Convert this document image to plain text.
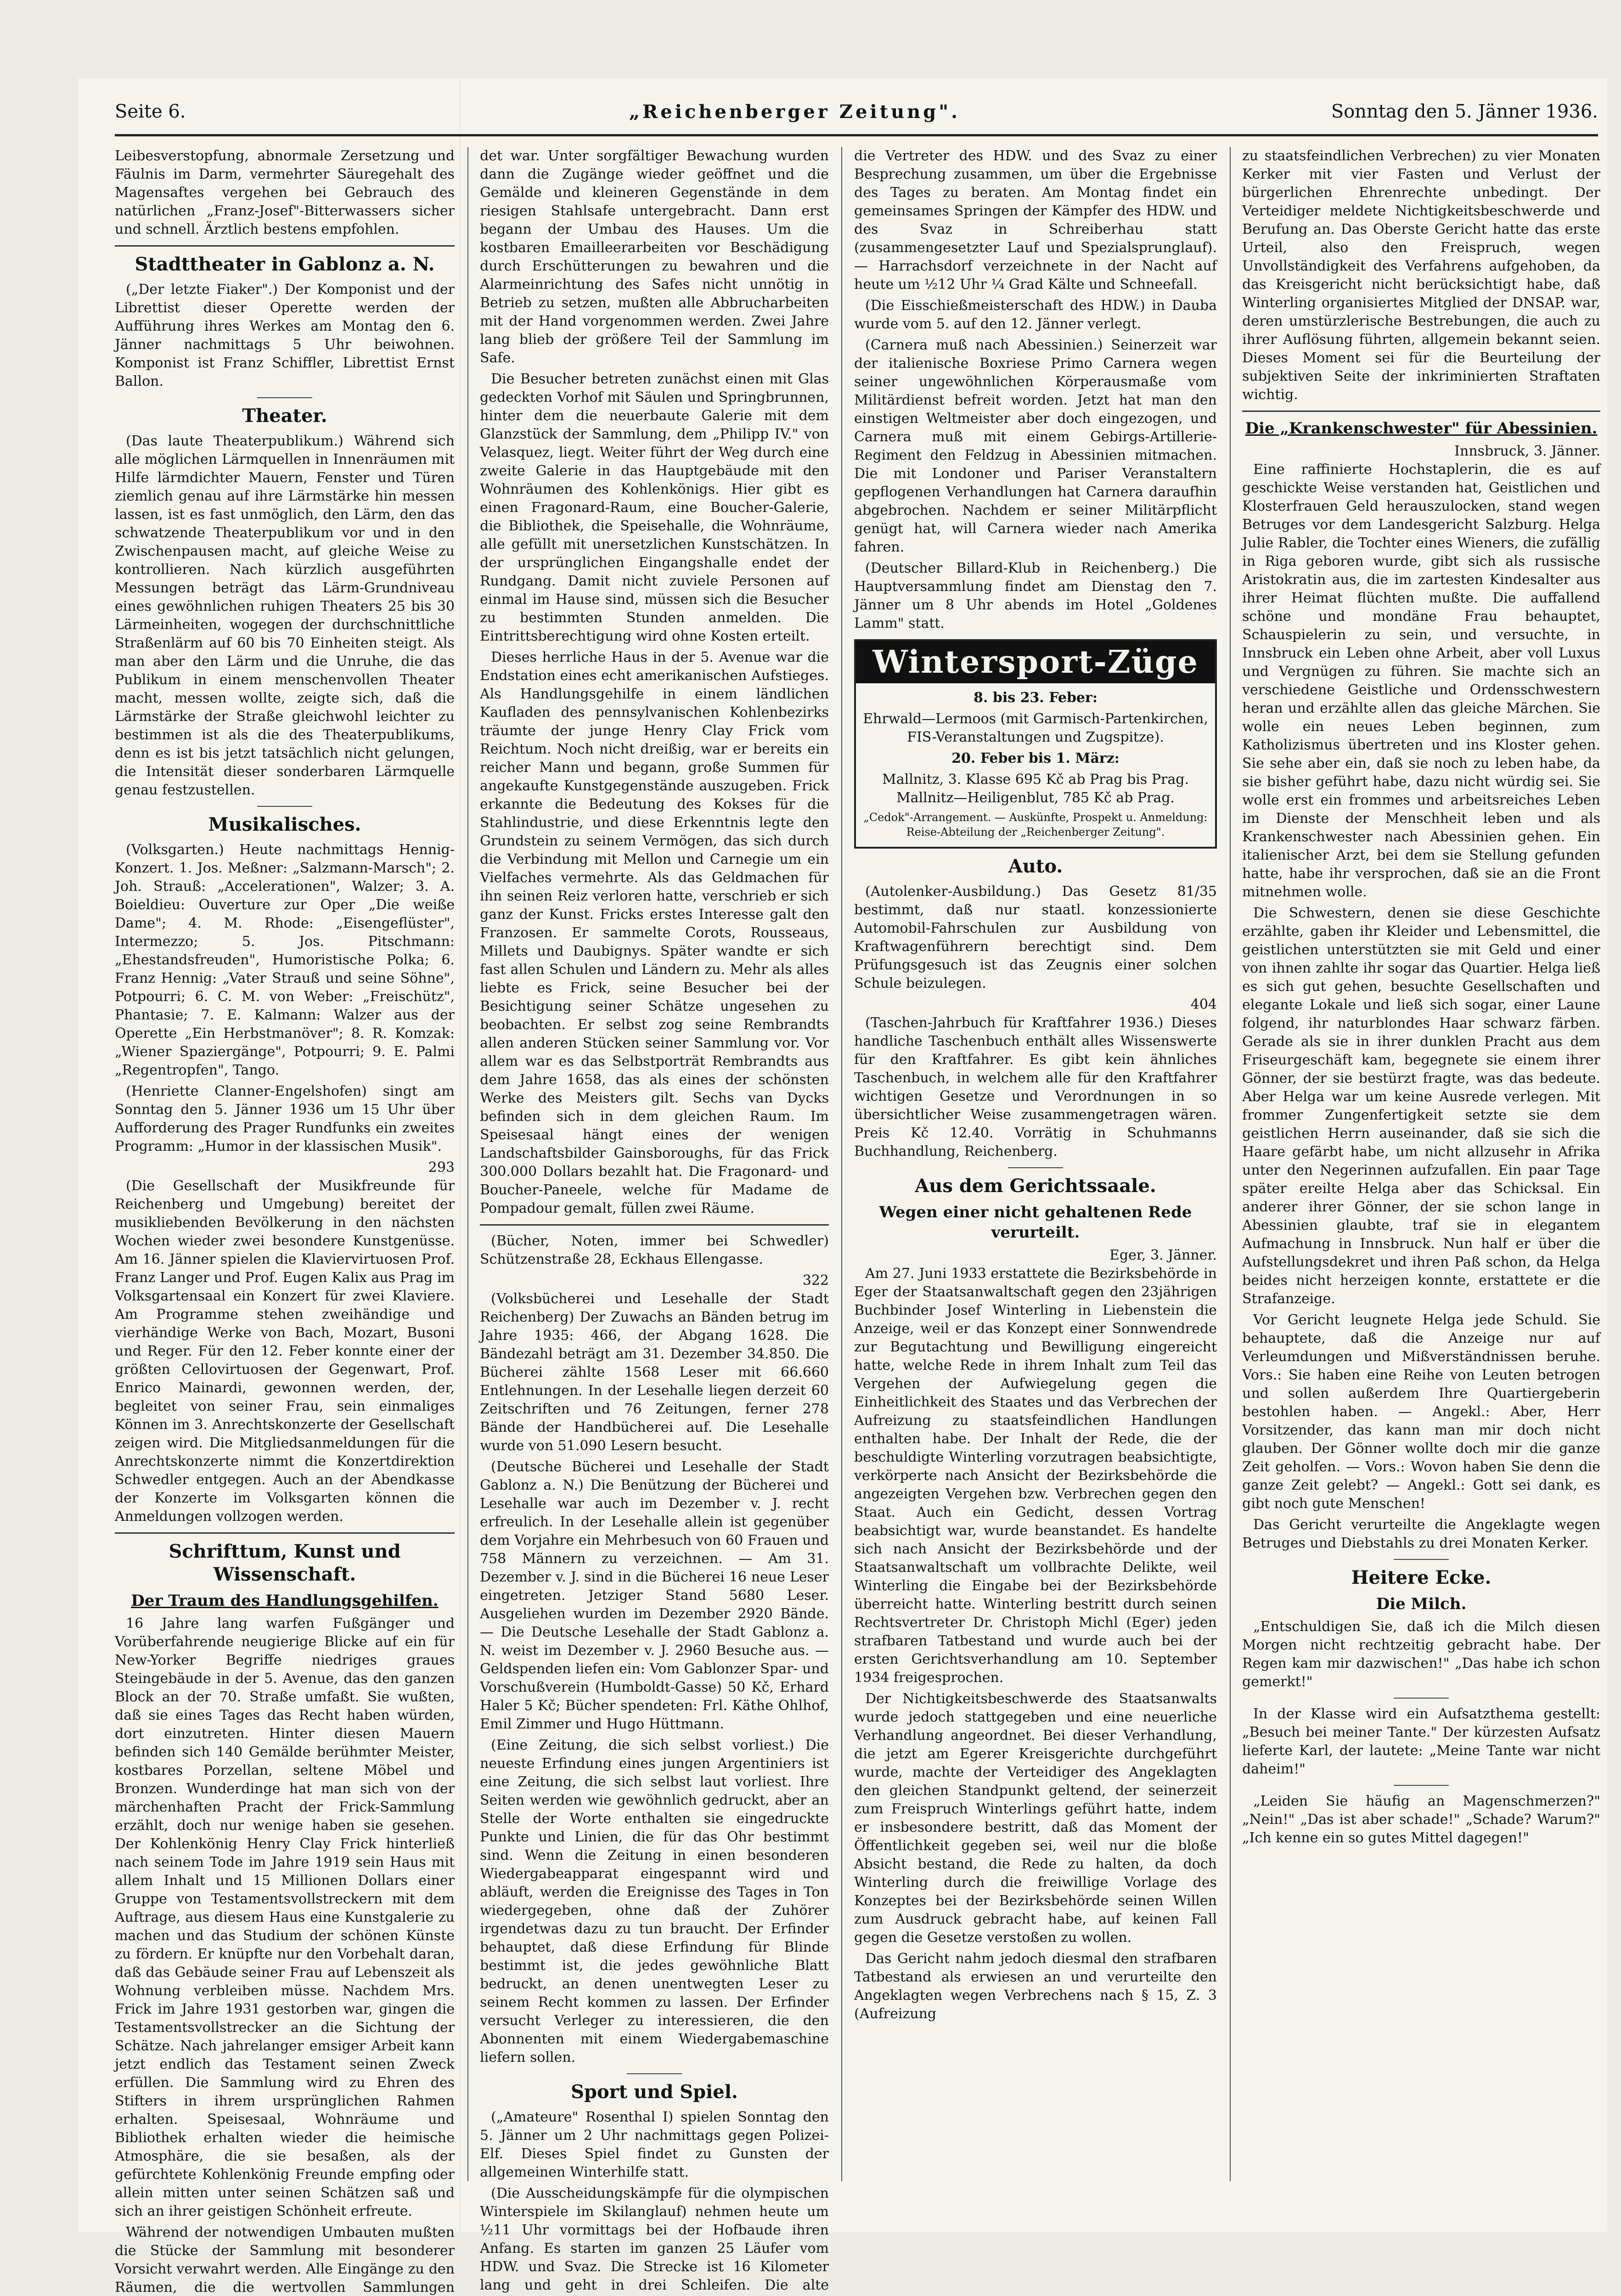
Seite 6.	„Reichenberger Zeitung".	Sonntag den 5. Jänner 1936.

Leibesverstopfung, abnormale Zersetzung und Fäulnis im Darm, vermehrter Säuregehalt des Magensaftes vergehen bei Gebrauch des natürlichen „Franz-Josef"-Bitterwassers sicher und schnell. Ärztlich bestens empfohlen.

Stadttheater in Gablonz a. N.

(„Der letzte Fiaker".) Der Komponist und der Librettist dieser Operette werden der Aufführung ihres Werkes am Montag den 6. Jänner nachmittags 5 Uhr beiwohnen. Komponist ist Franz Schiffler, Librettist Ernst Ballon.

Theater.

(Das laute Theaterpublikum.) Während sich alle möglichen Lärmquellen in Innenräumen mit Hilfe lärmdichter Mauern, Fenster und Türen ziemlich genau auf ihre Lärmstärke hin messen lassen, ist es fast unmöglich, den Lärm, den das schwatzende Theaterpublikum vor und in den Zwischenpausen macht, auf gleiche Weise zu kontrollieren. Nach kürzlich ausgeführten Messungen beträgt das Lärm-Grundniveau eines gewöhnlichen ruhigen Theaters 25 bis 30 Lärmeinheiten, wogegen der durchschnittliche Straßenlärm auf 60 bis 70 Einheiten steigt. Als man aber den Lärm und die Unruhe, die das Publikum in einem menschenvollen Theater macht, messen wollte, zeigte sich, daß die Lärmstärke der Straße gleichwohl leichter zu bestimmen ist als die des Theaterpublikums, denn es ist bis jetzt tatsächlich nicht gelungen, die Intensität dieser sonderbaren Lärmquelle genau festzustellen.

Musikalisches.

(Volksgarten.) Heute nachmittags Hennig-Konzert. 1. Jos. Meßner: „Salzmann-Marsch"; 2. Joh. Strauß: „Accelerationen", Walzer; 3. A. Boieldieu: Ouverture zur Oper „Die weiße Dame"; 4. M. Rhode: „Eisengeflüster", Intermezzo; 5. Jos. Pitschmann: „Ehestandsfreuden", Humoristische Polka; 6. Franz Hennig: „Vater Strauß und seine Söhne", Potpourri; 6. C. M. von Weber: „Freischütz", Phantasie; 7. E. Kalmann: Walzer aus der Operette „Ein Herbstmanöver"; 8. R. Komzak: „Wiener Spaziergänge", Potpourri; 9. E. Palmi „Regentropfen", Tango.

(Henriette Clanner-Engelshofen) singt am Sonntag den 5. Jänner 1936 um 15 Uhr über Aufforderung des Prager Rundfunks ein zweites Programm: „Humor in der klassischen Musik".

293

(Die Gesellschaft der Musikfreunde für Reichenberg und Umgebung) bereitet der musikliebenden Bevölkerung in den nächsten Wochen wieder zwei besondere Kunstgenüsse. Am 16. Jänner spielen die Klaviervirtuosen Prof. Franz Langer und Prof. Eugen Kalix aus Prag im Volksgartensaal ein Konzert für zwei Klaviere. Am Programme stehen zweihändige und vierhändige Werke von Bach, Mozart, Busoni und Reger. Für den 12. Feber konnte einer der größten Cellovirtuosen der Gegenwart, Prof. Enrico Mainardi, gewonnen werden, der, begleitet von seiner Frau, sein einmaliges Können im 3. Anrechtskonzerte der Gesellschaft zeigen wird. Die Mitgliedsanmeldungen für die Anrechtskonzerte nimmt die Konzertdirektion Schwedler entgegen. Auch an der Abendkasse der Konzerte im Volksgarten können die Anmeldungen vollzogen werden.

Schrifttum, Kunst und Wissenschaft.
Der Traum des Handlungsgehilfen.

16 Jahre lang warfen Fußgänger und Vorüberfahrende neugierige Blicke auf ein für New-Yorker Begriffe niedriges graues Steingebäude in der 5. Avenue, das den ganzen Block an der 70. Straße umfaßt. Sie wußten, daß sie eines Tages das Recht haben würden, dort einzutreten. Hinter diesen Mauern befinden sich 140 Gemälde berühmter Meister, kostbares Porzellan, seltene Möbel und Bronzen. Wunderdinge hat man sich von der märchenhaften Pracht der Frick-Sammlung erzählt, doch nur wenige haben sie gesehen. Der Kohlenkönig Henry Clay Frick hinterließ nach seinem Tode im Jahre 1919 sein Haus mit allem Inhalt und 15 Millionen Dollars einer Gruppe von Testamentsvollstreckern mit dem Auftrage, aus diesem Haus eine Kunstgalerie zu machen und das Studium der schönen Künste zu fördern. Er knüpfte nur den Vorbehalt daran, daß das Gebäude seiner Frau auf Lebenszeit als Wohnung verbleiben müsse. Nachdem Mrs. Frick im Jahre 1931 gestorben war, gingen die Testamentsvollstrecker an die Sichtung der Schätze. Nach jahrelanger emsiger Arbeit kann jetzt endlich das Testament seinen Zweck erfüllen. Die Sammlung wird zu Ehren des Stifters in ihrem ursprünglichen Rahmen erhalten. Speisesaal, Wohnräume und Bibliothek erhalten wieder die heimische Atmosphäre, die sie besaßen, als der gefürchtete Kohlenkönig Freunde empfing oder allein mitten unter seinen Schätzen saß und sich an ihrer geistigen Schönheit erfreute.

Während der notwendigen Umbauten mußten die Stücke der Sammlung mit besonderer Vorsicht verwahrt werden. Alle Eingänge zu den Räumen, die die wertvollen Sammlungen

det war. Unter sorgfältiger Bewachung wurden dann die Zugänge wieder geöffnet und die Gemälde und kleineren Gegenstände in dem riesigen Stahlsafe untergebracht. Dann erst begann der Umbau des Hauses. Um die kostbaren Emailleerarbeiten vor Beschädigung durch Erschütterungen zu bewahren und die Alarmeinrichtung des Safes nicht unnötig in Betrieb zu setzen, mußten alle Abbrucharbeiten mit der Hand vorgenommen werden. Zwei Jahre lang blieb der größere Teil der Sammlung im Safe.

Die Besucher betreten zunächst einen mit Glas gedeckten Vorhof mit Säulen und Springbrunnen, hinter dem die neuerbaute Galerie mit dem Glanzstück der Sammlung, dem „Philipp IV." von Velasquez, liegt. Weiter führt der Weg durch eine zweite Galerie in das Hauptgebäude mit den Wohnräumen des Kohlenkönigs. Hier gibt es einen Fragonard-Raum, eine Boucher-Galerie, die Bibliothek, die Speisehalle, die Wohnräume, alle gefüllt mit unersetzlichen Kunstschätzen. In der ursprünglichen Eingangshalle endet der Rundgang. Damit nicht zuviele Personen auf einmal im Hause sind, müssen sich die Besucher zu bestimmten Stunden anmelden. Die Eintrittsberechtigung wird ohne Kosten erteilt.

Dieses herrliche Haus in der 5. Avenue war die Endstation eines echt amerikanischen Aufstieges. Als Handlungsgehilfe in einem ländlichen Kaufladen des pennsylvanischen Kohlenbezirks träumte der junge Henry Clay Frick vom Reichtum. Noch nicht dreißig, war er bereits ein reicher Mann und begann, große Summen für angekaufte Kunstgegenstände auszugeben. Frick erkannte die Bedeutung des Kokses für die Stahlindustrie, und diese Erkenntnis legte den Grundstein zu seinem Vermögen, das sich durch die Verbindung mit Mellon und Carnegie um ein Vielfaches vermehrte. Als das Geldmachen für ihn seinen Reiz verloren hatte, verschrieb er sich ganz der Kunst. Fricks erstes Interesse galt den Franzosen. Er sammelte Corots, Rousseaus, Millets und Daubignys. Später wandte er sich fast allen Schulen und Ländern zu. Mehr als alles liebte es Frick, seine Besucher bei der Besichtigung seiner Schätze ungesehen zu beobachten. Er selbst zog seine Rembrandts allen anderen Stücken seiner Sammlung vor. Vor allem war es das Selbstporträt Rembrandts aus dem Jahre 1658, das als eines der schönsten Werke des Meisters gilt. Sechs van Dycks befinden sich in dem gleichen Raum. Im Speisesaal hängt eines der wenigen Landschaftsbilder Gainsboroughs, für das Frick 300.000 Dollars bezahlt hat. Die Fragonard- und Boucher-Paneele, welche für Madame de Pompadour gemalt, füllen zwei Räume.

(Bücher, Noten, immer bei Schwedler) Schützenstraße 28, Eckhaus Ellengasse.

322

(Volksbücherei und Lesehalle der Stadt Reichenberg) Der Zuwachs an Bänden betrug im Jahre 1935: 466, der Abgang 1628. Die Bändezahl beträgt am 31. Dezember 34.850. Die Bücherei zählte 1568 Leser mit 66.660 Entlehnungen. In der Lesehalle liegen derzeit 60 Zeitschriften und 76 Zeitungen, ferner 278 Bände der Handbücherei auf. Die Lesehalle wurde von 51.090 Lesern besucht.

(Deutsche Bücherei und Lesehalle der Stadt Gablonz a. N.) Die Benützung der Bücherei und Lesehalle war auch im Dezember v. J. recht erfreulich. In der Lesehalle allein ist gegenüber dem Vorjahre ein Mehrbesuch von 60 Frauen und 758 Männern zu verzeichnen. — Am 31. Dezember v. J. sind in die Bücherei 16 neue Leser eingetreten. Jetziger Stand 5680 Leser. Ausgeliehen wurden im Dezember 2920 Bände. — Die Deutsche Lesehalle der Stadt Gablonz a. N. weist im Dezember v. J. 2960 Besuche aus. — Geldspenden liefen ein: Vom Gablonzer Spar- und Vorschußverein (Humboldt-Gasse) 50 Kč, Erhard Haler 5 Kč; Bücher spendeten: Frl. Käthe Ohlhof, Emil Zimmer und Hugo Hüttmann.

(Eine Zeitung, die sich selbst vorliest.) Die neueste Erfindung eines jungen Argentiniers ist eine Zeitung, die sich selbst laut vorliest. Ihre Seiten werden wie gewöhnlich gedruckt, aber an Stelle der Worte enthalten sie eingedruckte Punkte und Linien, die für das Ohr bestimmt sind. Wenn die Zeitung in einen besonderen Wiedergabeapparat eingespannt wird und abläuft, werden die Ereignisse des Tages in Ton wiedergegeben, ohne daß der Zuhörer irgendetwas dazu zu tun braucht. Der Erfinder behauptet, daß diese Erfindung für Blinde bestimmt ist, die jedes gewöhnliche Blatt bedruckt, an denen unentwegten Leser zu seinem Recht kommen zu lassen. Der Erfinder versucht Verleger zu interessieren, die den Abonnenten mit einem Wiedergabemaschine liefern sollen.

Sport und Spiel.

(„Amateure" Rosenthal I) spielen Sonntag den 5. Jänner um 2 Uhr nachmittags gegen Polizei-Elf. Dieses Spiel findet zu Gunsten der allgemeinen Winterhilfe statt.

(Die Ausscheidungskämpfe für die olympischen Winterspiele im Skilanglauf) nehmen heute um ½11 Uhr vormittags bei der Hofbaude ihren Anfang. Es starten im ganzen 25 Läufer vom HDW. und Svaz. Die Strecke ist 16 Kilometer lang und geht in drei Schleifen. Die alte

die Vertreter des HDW. und des Svaz zu einer Besprechung zusammen, um über die Ergebnisse des Tages zu beraten. Am Montag findet ein gemeinsames Springen der Kämpfer des HDW. und des Svaz in Schreiberhau statt (zusammengesetzter Lauf und Spezialsprunglauf). — Harrachsdorf verzeichnete in der Nacht auf heute um ½12 Uhr ¼ Grad Kälte und Schneefall.

(Die Eisschießmeisterschaft des HDW.) in Dauba wurde vom 5. auf den 12. Jänner verlegt.

(Carnera muß nach Abessinien.) Seinerzeit war der italienische Boxriese Primo Carnera wegen seiner ungewöhnlichen Körperausmaße vom Militärdienst befreit worden. Jetzt hat man den einstigen Weltmeister aber doch eingezogen, und Carnera muß mit einem Gebirgs-Artillerie-Regiment den Feldzug in Abessinien mitmachen. Die mit Londoner und Pariser Veranstaltern gepflogenen Verhandlungen hat Carnera daraufhin abgebrochen. Nachdem er seiner Militärpflicht genügt hat, will Carnera wieder nach Amerika fahren.

(Deutscher Billard-Klub in Reichenberg.) Die Hauptversammlung findet am Dienstag den 7. Jänner um 8 Uhr abends im Hotel „Goldenes Lamm" statt.

Wintersport-Züge

8. bis 23. Feber:

Ehrwald—Lermoos (mit Garmisch-Partenkirchen, FIS-Veranstaltungen und Zugspitze).

20. Feber bis 1. März:

Mallnitz, 3. Klasse 695 Kč ab Prag bis Prag. Mallnitz—Heiligenblut, 785 Kč ab Prag.

„Cedok"-Arrangement. — Auskünfte, Prospekt u. Anmeldung: Reise-Abteilung der „Reichenberger Zeitung".

Auto.

(Autolenker-Ausbildung.) Das Gesetz 81/35 bestimmt, daß nur staatl. konzessionierte Automobil-Fahrschulen zur Ausbildung von Kraftwagenführern berechtigt sind. Dem Prüfungsgesuch ist das Zeugnis einer solchen Schule beizulegen.

404

(Taschen-Jahrbuch für Kraftfahrer 1936.) Dieses handliche Taschenbuch enthält alles Wissenswerte für den Kraftfahrer. Es gibt kein ähnliches Taschenbuch, in welchem alle für den Kraftfahrer wichtigen Gesetze und Verordnungen in so übersichtlicher Weise zusammengetragen wären. Preis Kč 12.40. Vorrätig in Schuhmanns Buchhandlung, Reichenberg.

Aus dem Gerichtssaale.
Wegen einer nicht gehaltenen Rede verurteilt.
Eger, 3. Jänner.

Am 27. Juni 1933 erstattete die Bezirksbehörde in Eger der Staatsanwaltschaft gegen den 23jährigen Buchbinder Josef Winterling in Liebenstein die Anzeige, weil er das Konzept einer Sonnwendrede zur Begutachtung und Bewilligung eingereicht hatte, welche Rede in ihrem Inhalt zum Teil das Vergehen der Aufwiegelung gegen die Einheitlichkeit des Staates und das Verbrechen der Aufreizung zu staatsfeindlichen Handlungen enthalten habe. Der Inhalt der Rede, die der beschuldigte Winterling vorzutragen beabsichtigte, verkörperte nach Ansicht der Bezirksbehörde die angezeigten Vergehen bzw. Verbrechen gegen den Staat. Auch ein Gedicht, dessen Vortrag beabsichtigt war, wurde beanstandet. Es handelte sich nach Ansicht der Bezirksbehörde und der Staatsanwaltschaft um vollbrachte Delikte, weil Winterling die Eingabe bei der Bezirksbehörde überreicht hatte. Winterling bestritt durch seinen Rechtsvertreter Dr. Christoph Michl (Eger) jeden strafbaren Tatbestand und wurde auch bei der ersten Gerichtsverhandlung am 10. September 1934 freigesprochen.

Der Nichtigkeitsbeschwerde des Staatsanwalts wurde jedoch stattgegeben und eine neuerliche Verhandlung angeordnet. Bei dieser Verhandlung, die jetzt am Egerer Kreisgerichte durchgeführt wurde, machte der Verteidiger des Angeklagten den gleichen Standpunkt geltend, der seinerzeit zum Freispruch Winterlings geführt hatte, indem er insbesondere bestritt, daß das Moment der Öffentlichkeit gegeben sei, weil nur die bloße Absicht bestand, die Rede zu halten, da doch Winterling durch die freiwillige Vorlage des Konzeptes bei der Bezirksbehörde seinen Willen zum Ausdruck gebracht habe, auf keinen Fall gegen die Gesetze verstoßen zu wollen.

Das Gericht nahm jedoch diesmal den strafbaren Tatbestand als erwiesen an und verurteilte den Angeklagten wegen Verbrechens nach § 15, Z. 3 (Aufreizung

zu staatsfeindlichen Verbrechen) zu vier Monaten Kerker mit vier Fasten und Verlust der bürgerlichen Ehrenrechte unbedingt. Der Verteidiger meldete Nichtigkeitsbeschwerde und Berufung an. Das Oberste Gericht hatte das erste Urteil, also den Freispruch, wegen Unvollständigkeit des Verfahrens aufgehoben, da das Kreisgericht nicht berücksichtigt habe, daß Winterling organisiertes Mitglied der DNSAP. war, deren umstürzlerische Bestrebungen, die auch zu ihrer Auflösung führten, allgemein bekannt seien. Dieses Moment sei für die Beurteilung der subjektiven Seite der inkriminierten Straftaten wichtig.

Die „Krankenschwester" für Abessinien.
Innsbruck, 3. Jänner.

Eine raffinierte Hochstaplerin, die es auf geschickte Weise verstanden hat, Geistlichen und Klosterfrauen Geld herauszulocken, stand wegen Betruges vor dem Landesgericht Salzburg. Helga Julie Rabler, die Tochter eines Wieners, die zufällig in Riga geboren wurde, gibt sich als russische Aristokratin aus, die im zartesten Kindesalter aus ihrer Heimat flüchten mußte. Die auffallend schöne und mondäne Frau behauptet, Schauspielerin zu sein, und versuchte, in Innsbruck ein Leben ohne Arbeit, aber voll Luxus und Vergnügen zu führen. Sie machte sich an verschiedene Geistliche und Ordensschwestern heran und erzählte allen das gleiche Märchen. Sie wolle ein neues Leben beginnen, zum Katholizismus übertreten und ins Kloster gehen. Sie sehe aber ein, daß sie noch zu leben habe, da sie bisher geführt habe, dazu nicht würdig sei. Sie wolle erst ein frommes und arbeitsreiches Leben im Dienste der Menschheit leben und als Krankenschwester nach Abessinien gehen. Ein italienischer Arzt, bei dem sie Stellung gefunden hatte, habe ihr versprochen, daß sie an die Front mitnehmen wolle.

Die Schwestern, denen sie diese Geschichte erzählte, gaben ihr Kleider und Lebensmittel, die geistlichen unterstützten sie mit Geld und einer von ihnen zahlte ihr sogar das Quartier. Helga ließ es sich gut gehen, besuchte Gesellschaften und elegante Lokale und ließ sich sogar, einer Laune folgend, ihr naturblondes Haar schwarz färben. Gerade als sie in ihrer dunklen Pracht aus dem Friseurgeschäft kam, begegnete sie einem ihrer Gönner, der sie bestürzt fragte, was das bedeute. Aber Helga war um keine Ausrede verlegen. Mit frommer Zungenfertigkeit setzte sie dem geistlichen Herrn auseinander, daß sie sich die Haare gefärbt habe, um nicht allzusehr in Afrika unter den Negerinnen aufzufallen. Ein paar Tage später ereilte Helga aber das Schicksal. Ein anderer ihrer Gönner, der sie schon lange in Abessinien glaubte, traf sie in elegantem Aufmachung in Innsbruck. Nun half er über die Aufstellungsdekret und ihren Paß schon, da Helga beides nicht herzeigen konnte, erstattete er die Strafanzeige.

Vor Gericht leugnete Helga jede Schuld. Sie behauptete, daß die Anzeige nur auf Verleumdungen und Mißverständnissen beruhe. Vors.: Sie haben eine Reihe von Leuten betrogen und sollen außerdem Ihre Quartiergeberin bestohlen haben. — Angekl.: Aber, Herr Vorsitzender, das kann man mir doch nicht glauben. Der Gönner wollte doch mir die ganze Zeit geholfen. — Vors.: Wovon haben Sie denn die ganze Zeit gelebt? — Angekl.: Gott sei dank, es gibt noch gute Menschen!

Das Gericht verurteilte die Angeklagte wegen Betruges und Diebstahls zu drei Monaten Kerker.

Heitere Ecke.
Die Milch.

„Entschuldigen Sie, daß ich die Milch diesen Morgen nicht rechtzeitig gebracht habe. Der Regen kam mir dazwischen!" „Das habe ich schon gemerkt!"

In der Klasse wird ein Aufsatzthema gestellt: „Besuch bei meiner Tante." Der kürzesten Aufsatz lieferte Karl, der lautete: „Meine Tante war nicht daheim!"

„Leiden Sie häufig an Magenschmerzen?" „Nein!" „Das ist aber schade!" „Schade? Warum?" „Ich kenne ein so gutes Mittel dagegen!"
